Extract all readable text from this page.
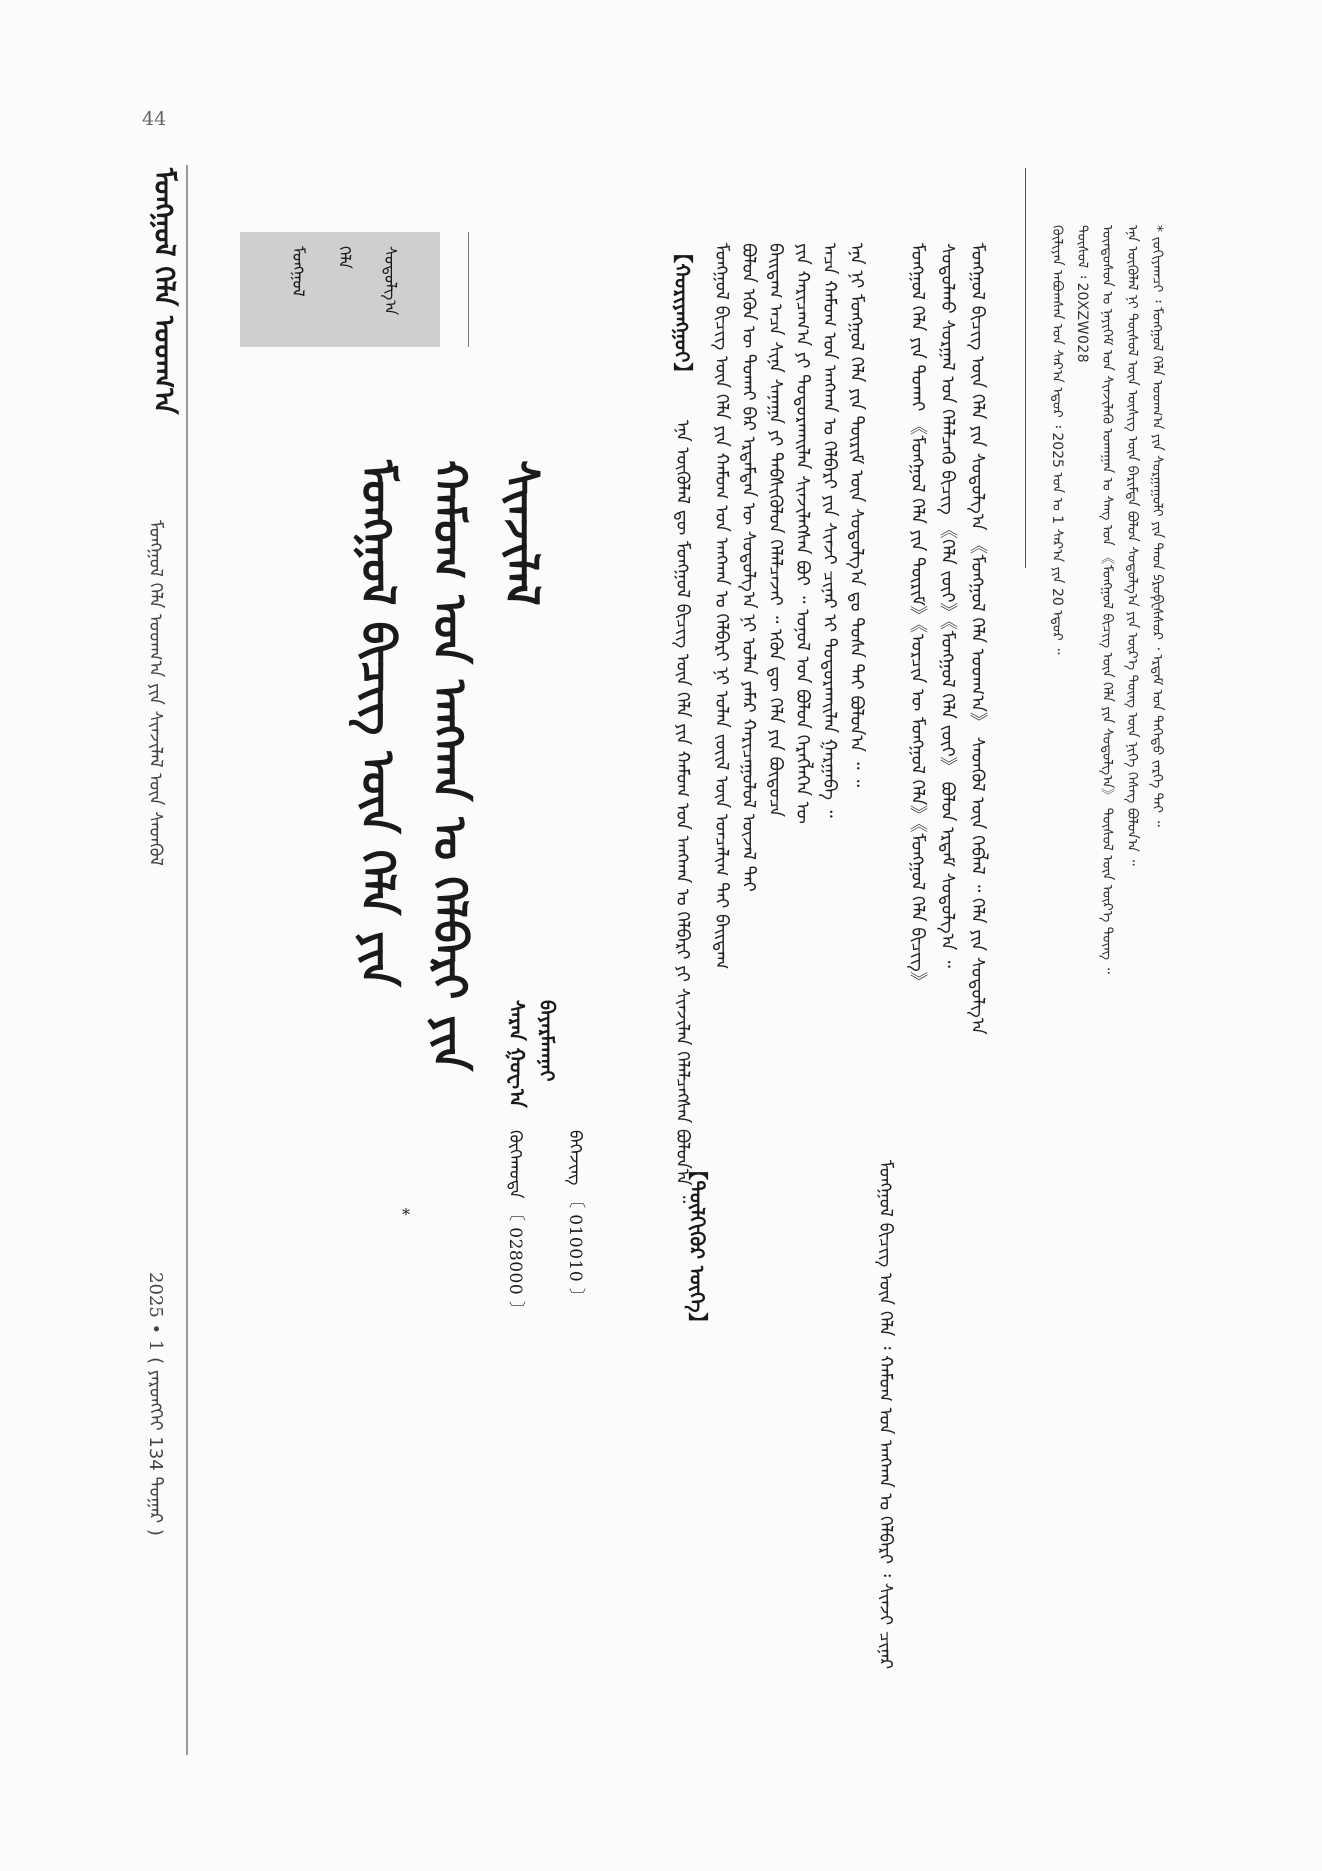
44
ᠮᠣᠩᠭᠣᠯ ᠬᠡᠯᠡ ᠤᠳᠬ᠎ᠠ
ᠮᠣᠩᠭᠣᠯ ᠬᠡᠯᠡ ᠤᠳᠬ᠎ᠠ ᠶᠢᠨ ᠰᠢᠨᠵᠢᠯᠡᠯ ᠦᠨ ᠰᠡᠳᠬᠦᠯ
2025 • 1 ( ᠶᠡᠷᠦᠩᠬᠡᠢ 134 ᠳᠤᠭᠠᠷ )
ᠮᠣᠩᠭᠣᠯ	ᠬᠡᠯᠡ	ᠰᠤᠳᠤᠯᠭ᠎ᠠ
ᠮᠣᠩᠭᠣᠯ ᠪᠢᠴᠢᠭ ᠦᠨ ᠬᠡᠯᠡ ᠶᠢᠨ ᠬᠠᠮᠤᠭ ᠤᠨ ᠠᠩᠬᠠᠨ ᠤ ᠬᠡᠯᠪᠡᠷᠢ ᠶᠢᠨ ᠰᠢᠨᠵᠢᠯᠡᠯ
*
ᠪᠠᠶᠠᠷᠮᠠᠭᠨᠠᠢ
ᠰᠠᠷᠠᠨ ᠭᠤᠸ᠎ᠠ
ᠪᠡᠭᠡᠵᠢᠩ 〔 010010 〕
ᠬᠥᠬᠡᠬᠣᠲᠠ 〔 028000 〕
【ᠬᠤᠷᠢᠶᠠᠩᠭᠤᠢ】
ᠡᠨᠡ ᠥᠭᠦᠯᠡᠯ ᠳᠦ ᠮᠣᠩᠭᠣᠯ ᠪᠢᠴᠢᠭ ᠦᠨ ᠬᠡᠯᠡ ᠶᠢᠨ ᠬᠠᠮᠤᠭ ᠤᠨ ᠠᠩᠬᠠᠨ ᠤ ᠬᠡᠯᠪᠡᠷᠢ ᠶᠢ ᠰᠢᠨᠵᠢᠯᠡᠨ ᠬᠡᠯᠡᠯᠴᠡᠭᠰᠡᠨ ᠪᠣᠯᠤᠨ᠎ᠠ ᠃ ᠮᠣᠩᠭᠣᠯ ᠪᠢᠴᠢᠭ ᠦᠨ ᠬᠡᠯᠡ ᠶᠢᠨ ᠬᠠᠮᠤᠭ ᠤᠨ ᠠᠩᠬᠠᠨ ᠤ ᠬᠡᠯᠪᠡᠷᠢ ᠨᠢ ᠣᠯᠠᠨ ᠵᠦᠢᠯ ᠦᠨ ᠣᠨᠴᠠᠯᠢᠭ ᠲᠠᠢ ᠪᠠᠢᠳᠠᠭ ᠪᠣᠯᠤᠨ ᠡᠭᠦᠨ ᠦ ᠲᠤᠬᠠᠢ ᠪᠠᠷ ᠡᠷᠳᠡᠮᠳᠡᠨ ᠦ ᠰᠤᠳᠤᠯᠭ᠎ᠠ ᠨᠢ ᠣᠯᠠᠨ ᠶᠠᠮᠠᠷ ᠬᠠᠷᠢᠴᠠᠭᠤᠯᠤᠯ ᠦᠵᠡᠯ ᠲᠡᠢ ᠪᠠᠢᠳᠠᠭ ᠠᠴᠠ ᠰᠢᠨᠡ ᠰᠠᠨᠠᠭᠠ ᠶᠢ ᠳᠡᠪᠰᠢᠭᠦᠯᠦᠨ ᠬᠡᠯᠡᠯᠴᠡᠵᠡᠢ ᠃ ᠡᠭᠦᠨ ᠳᠦ ᠬᠡᠯᠡ ᠶᠢᠨ ᠪᠦᠲᠦᠴᠡ ᠶᠢᠨ ᠬᠠᠷᠢᠴᠠᠭ᠎ᠠ ᠶᠢ ᠲᠣᠳᠣᠷᠬᠠᠢᠯᠠᠨ ᠰᠢᠨᠵᠢᠯᠡᠭᠰᠡᠨ ᠪᠤᠢ ᠃ ᠣᠨᠤᠯ ᠤᠨ ᠪᠣᠯᠤᠨ ᠬᠡᠷᠡᠭᠯᠡᠭᠡᠨ ᠦ ᠠᠴᠠ ᠬᠠᠮᠤᠭ ᠤᠨ ᠠᠩᠬᠠᠨ ᠤ ᠬᠡᠯᠪᠡᠷᠢ ᠶᠢᠨ ᠰᠢᠨᠵᠢ ᠴᠢᠨᠠᠷ ᠢ ᠲᠣᠳᠣᠷᠬᠠᠢᠯᠠᠨ ᠭᠠᠷᠭᠠᠪᠠ ᠃ ᠡᠨᠡ ᠨᠢ ᠮᠣᠩᠭᠣᠯ ᠬᠡᠯᠡ ᠶᠢᠨ ᠳᠦᠷᠢᠮ ᠦᠨ ᠰᠤᠳᠤᠯᠭ᠎ᠠ ᠳᠤ ᠲᠤᠰᠠ ᠲᠠᠢ ᠪᠣᠯᠤᠨ᠎ᠠ ᠃ ᠃
【ᠲᠦᠯᠬᠢᠭᠦᠷ ᠦᠭᠡ】	ᠮᠣᠩᠭᠣᠯ ᠪᠢᠴᠢᠭ ᠦᠨ ᠬᠡᠯᠡ ᠄ ᠬᠠᠮᠤᠭ ᠤᠨ ᠠᠩᠬᠠᠨ ᠤ ᠬᠡᠯᠪᠡᠷᠢ ᠄ ᠰᠢᠨᠵᠢ ᠴᠢᠨᠠᠷ
ᠮᠣᠩᠭᠣᠯ ᠬᠡᠯᠡ ᠶᠢᠨ ᠲᠤᠬᠠᠢ 《ᠮᠣᠩᠭᠣᠯ ᠬᠡᠯᠡ ᠶᠢᠨ ᠳᠦᠷᠢᠮ》《ᠣᠷᠴᠢᠨ ᠦ ᠮᠣᠩᠭᠣᠯ ᠬᠡᠯᠡ》《ᠮᠣᠩᠭᠣᠯ ᠬᠡᠯᠡ ᠪᠢᠴᠢᠭ》 ᠰᠤᠳᠤᠯᠬᠤ ᠰᠤᠷᠭᠠᠯ ᠤᠨ ᠬᠡᠯᠡᠯᠴᠡᠬᠦ ᠪᠢᠴᠢᠭ 《ᠬᠡᠯᠡ ᠵᠦᠢ》《ᠮᠣᠩᠭᠣᠯ ᠬᠡᠯᠡ ᠵᠦᠢ》 ᠪᠣᠯᠤᠨ ᠡᠷᠳᠡᠮ ᠰᠤᠳᠤᠯᠭ᠎ᠠ ᠃ ᠮᠣᠩᠭᠣᠯ ᠪᠢᠴᠢᠭ ᠦᠨ ᠬᠡᠯᠡ ᠶᠢᠨ ᠰᠤᠳᠤᠯᠭ᠎ᠠ 《ᠮᠣᠩᠭᠣᠯ ᠬᠡᠯᠡ ᠤᠳᠬ᠎ᠠ》 ᠰᠡᠳᠬᠦᠯ ᠦᠨ ᠬᠡᠪᠯᠡᠯ ᠃ ᠬᠡᠯᠡ ᠶᠢᠨ ᠰᠤᠳᠤᠯᠭ᠎ᠠ	ᠬᠦᠯᠢᠶᠡᠨ ᠠᠪᠤᠭᠰᠠᠨ ᠣᠨ ᠰᠠᠷ᠎ᠠ ᠡᠳᠦᠷ ᠄ 2025 ᠣᠨ ᠤ 1 ᠰᠠᠷ᠎ᠠ ᠶᠢᠨ 20 ᠡᠳᠦᠷ ᠃
ᠲᠥᠰᠥᠯ ᠄ 20XZW028 ᠦᠨᠳᠦᠰᠦᠨ ᠤ ᠨᠡᠶᠢᠭᠡᠮ ᠤᠨ ᠱᠢᠨᠵᠢᠯᠡᠬᠦ ᠤᠬᠠᠭᠠᠨ ᠤ ᠰᠠᠩ ᠤᠨ 《ᠮᠣᠩᠭᠣᠯ ᠪᠢᠴᠢᠭ ᠦᠨ ᠬᠡᠯᠡ ᠶᠢᠨ ᠰᠤᠳᠤᠯᠭ᠎ᠠ》 ᠲᠥᠰᠥᠯ ᠦᠨ ᠦᠷ᠎ᠡ ᠳᠦᠩ ᠃ ᠡᠨᠡ ᠥᠭᠦᠯᠡᠯ ᠨᠢ ᠲᠥᠰᠥᠯ ᠦᠨ ᠦᠰᠢᠭ ᠦᠨ ᠪᠠᠷᠢᠮᠲᠠ ᠪᠣᠯᠤᠨ ᠰᠤᠳᠤᠯᠭ᠎ᠠ ᠶᠢᠨ ᠦᠷ᠎ᠡ ᠳᠦᠩ ᠦᠨ ᠨᠢᠭᠡ ᠬᠡᠰᠡᠭ ᠪᠣᠯᠤᠨ᠎ᠠ ᠃ * ᠵᠣᠬᠢᠶᠠᠭᠴᠢ ᠄ ᠮᠣᠩᠭᠣᠯ ᠬᠡᠯᠡ ᠤᠳᠬ᠎ᠠ ᠶᠢᠨ ᠰᠤᠷᠭᠠᠭᠤᠯᠢ ᠶᠢᠨ ᠳᠡᠳ ᠫᠷᠣᠹᠧᠰᠰᠣᠷ ᠂ ᠡᠷᠳᠡᠮ ᠤᠨ ᠳᠡᠭᠡᠳᠦ ᠵᠡᠷᠭᠡ ᠲᠡᠢ ᠃
